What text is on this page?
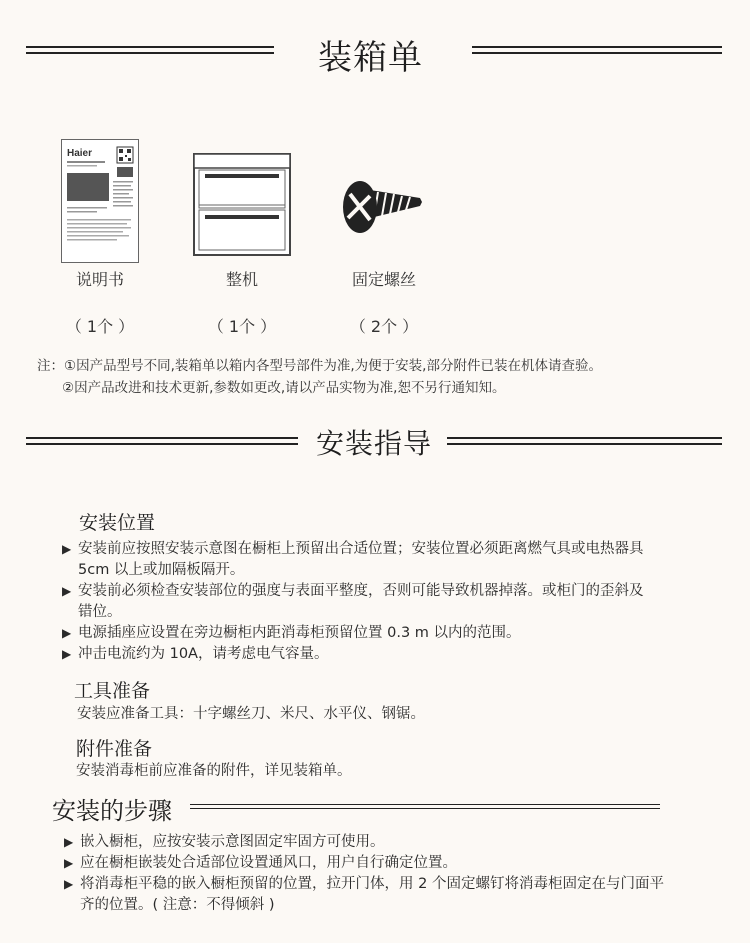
装箱单
Haier
说明书
（ 1个 ）
整机
（ 1个 ）
固定螺丝
（ 2个 ）
注：①因产品型号不同,装箱单以箱内各型号部件为准,为便于安装,部分附件已装在机体请查验。
②因产品改进和技术更新,参数如更改,请以产品实物为准,恕不另行通知知。
安装指导
安装位置
▶ 安装前应按照安装示意图在橱柜上预留出合适位置；安装位置必须距离燃气具或电热器具 5cm 以上或加隔板隔开。
▶ 安装前必须检查安装部位的强度与表面平整度，否则可能导致机器掉落。或柜门的歪斜及错位。
▶ 电源插座应设置在旁边橱柜内距消毒柜预留位置 0.3 m 以内的范围。
▶ 冲击电流约为 10A，请考虑电气容量。
工具准备
安装应准备工具：十字螺丝刀、米尺、水平仪、钢锯。
附件准备
安装消毒柜前应准备的附件，详见装箱单。
安装的步骤
▶ 嵌入橱柜，应按安装示意图固定牢固方可使用。
▶ 应在橱柜嵌装处合适部位设置通风口，用户自行确定位置。
▶ 将消毒柜平稳的嵌入橱柜预留的位置，拉开门体，用 2 个固定螺钉将消毒柜固定在与门面平齐的位置。( 注意：不得倾斜 )
